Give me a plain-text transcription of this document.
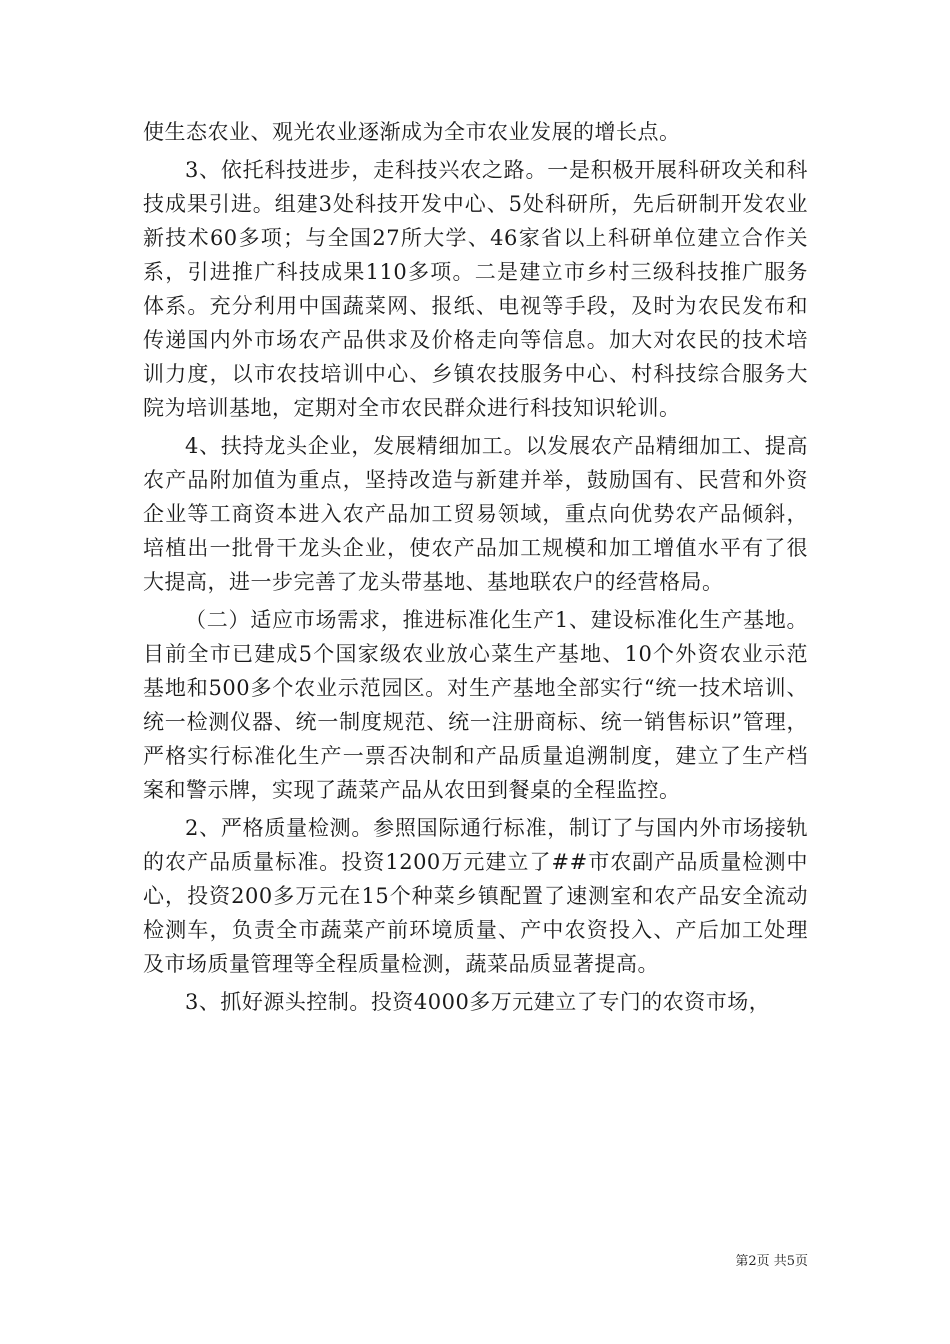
使生态农业、观光农业逐渐成为全市农业发展的增长点。

3、依托科技进步，走科技兴农之路。一是积极开展科研攻关和科技成果引进。组建3处科技开发中心、5处科研所，先后研制开发农业新技术60多项；与全国27所大学、46家省以上科研单位建立合作关系，引进推广科技成果110多项。二是建立市乡村三级科技推广服务体系。充分利用中国蔬菜网、报纸、电视等手段，及时为农民发布和传递国内外市场农产品供求及价格走向等信息。加大对农民的技术培训力度，以市农技培训中心、乡镇农技服务中心、村科技综合服务大院为培训基地，定期对全市农民群众进行科技知识轮训。

4、扶持龙头企业，发展精细加工。以发展农产品精细加工、提高农产品附加值为重点，坚持改造与新建并举，鼓励国有、民营和外资企业等工商资本进入农产品加工贸易领域，重点向优势农产品倾斜，培植出一批骨干龙头企业，使农产品加工规模和加工增值水平有了很大提高，进一步完善了龙头带基地、基地联农户的经营格局。

（二）适应市场需求，推进标准化生产1、建设标准化生产基地。目前全市已建成5个国家级农业放心菜生产基地、10个外资农业示范基地和500多个农业示范园区。对生产基地全部实行“统一技术培训、统一检测仪器、统一制度规范、统一注册商标、统一销售标识”管理，严格实行标准化生产一票否决制和产品质量追溯制度，建立了生产档案和警示牌，实现了蔬菜产品从农田到餐桌的全程监控。

2、严格质量检测。参照国际通行标准，制订了与国内外市场接轨的农产品质量标准。投资1200万元建立了##市农副产品质量检测中心，投资200多万元在15个种菜乡镇配置了速测室和农产品安全流动检测车，负责全市蔬菜产前环境质量、产中农资投入、产后加工处理及市场质量管理等全程质量检测，蔬菜品质显著提高。

3、抓好源头控制。投资4000多万元建立了专门的农资市场，

第2页 共5页
